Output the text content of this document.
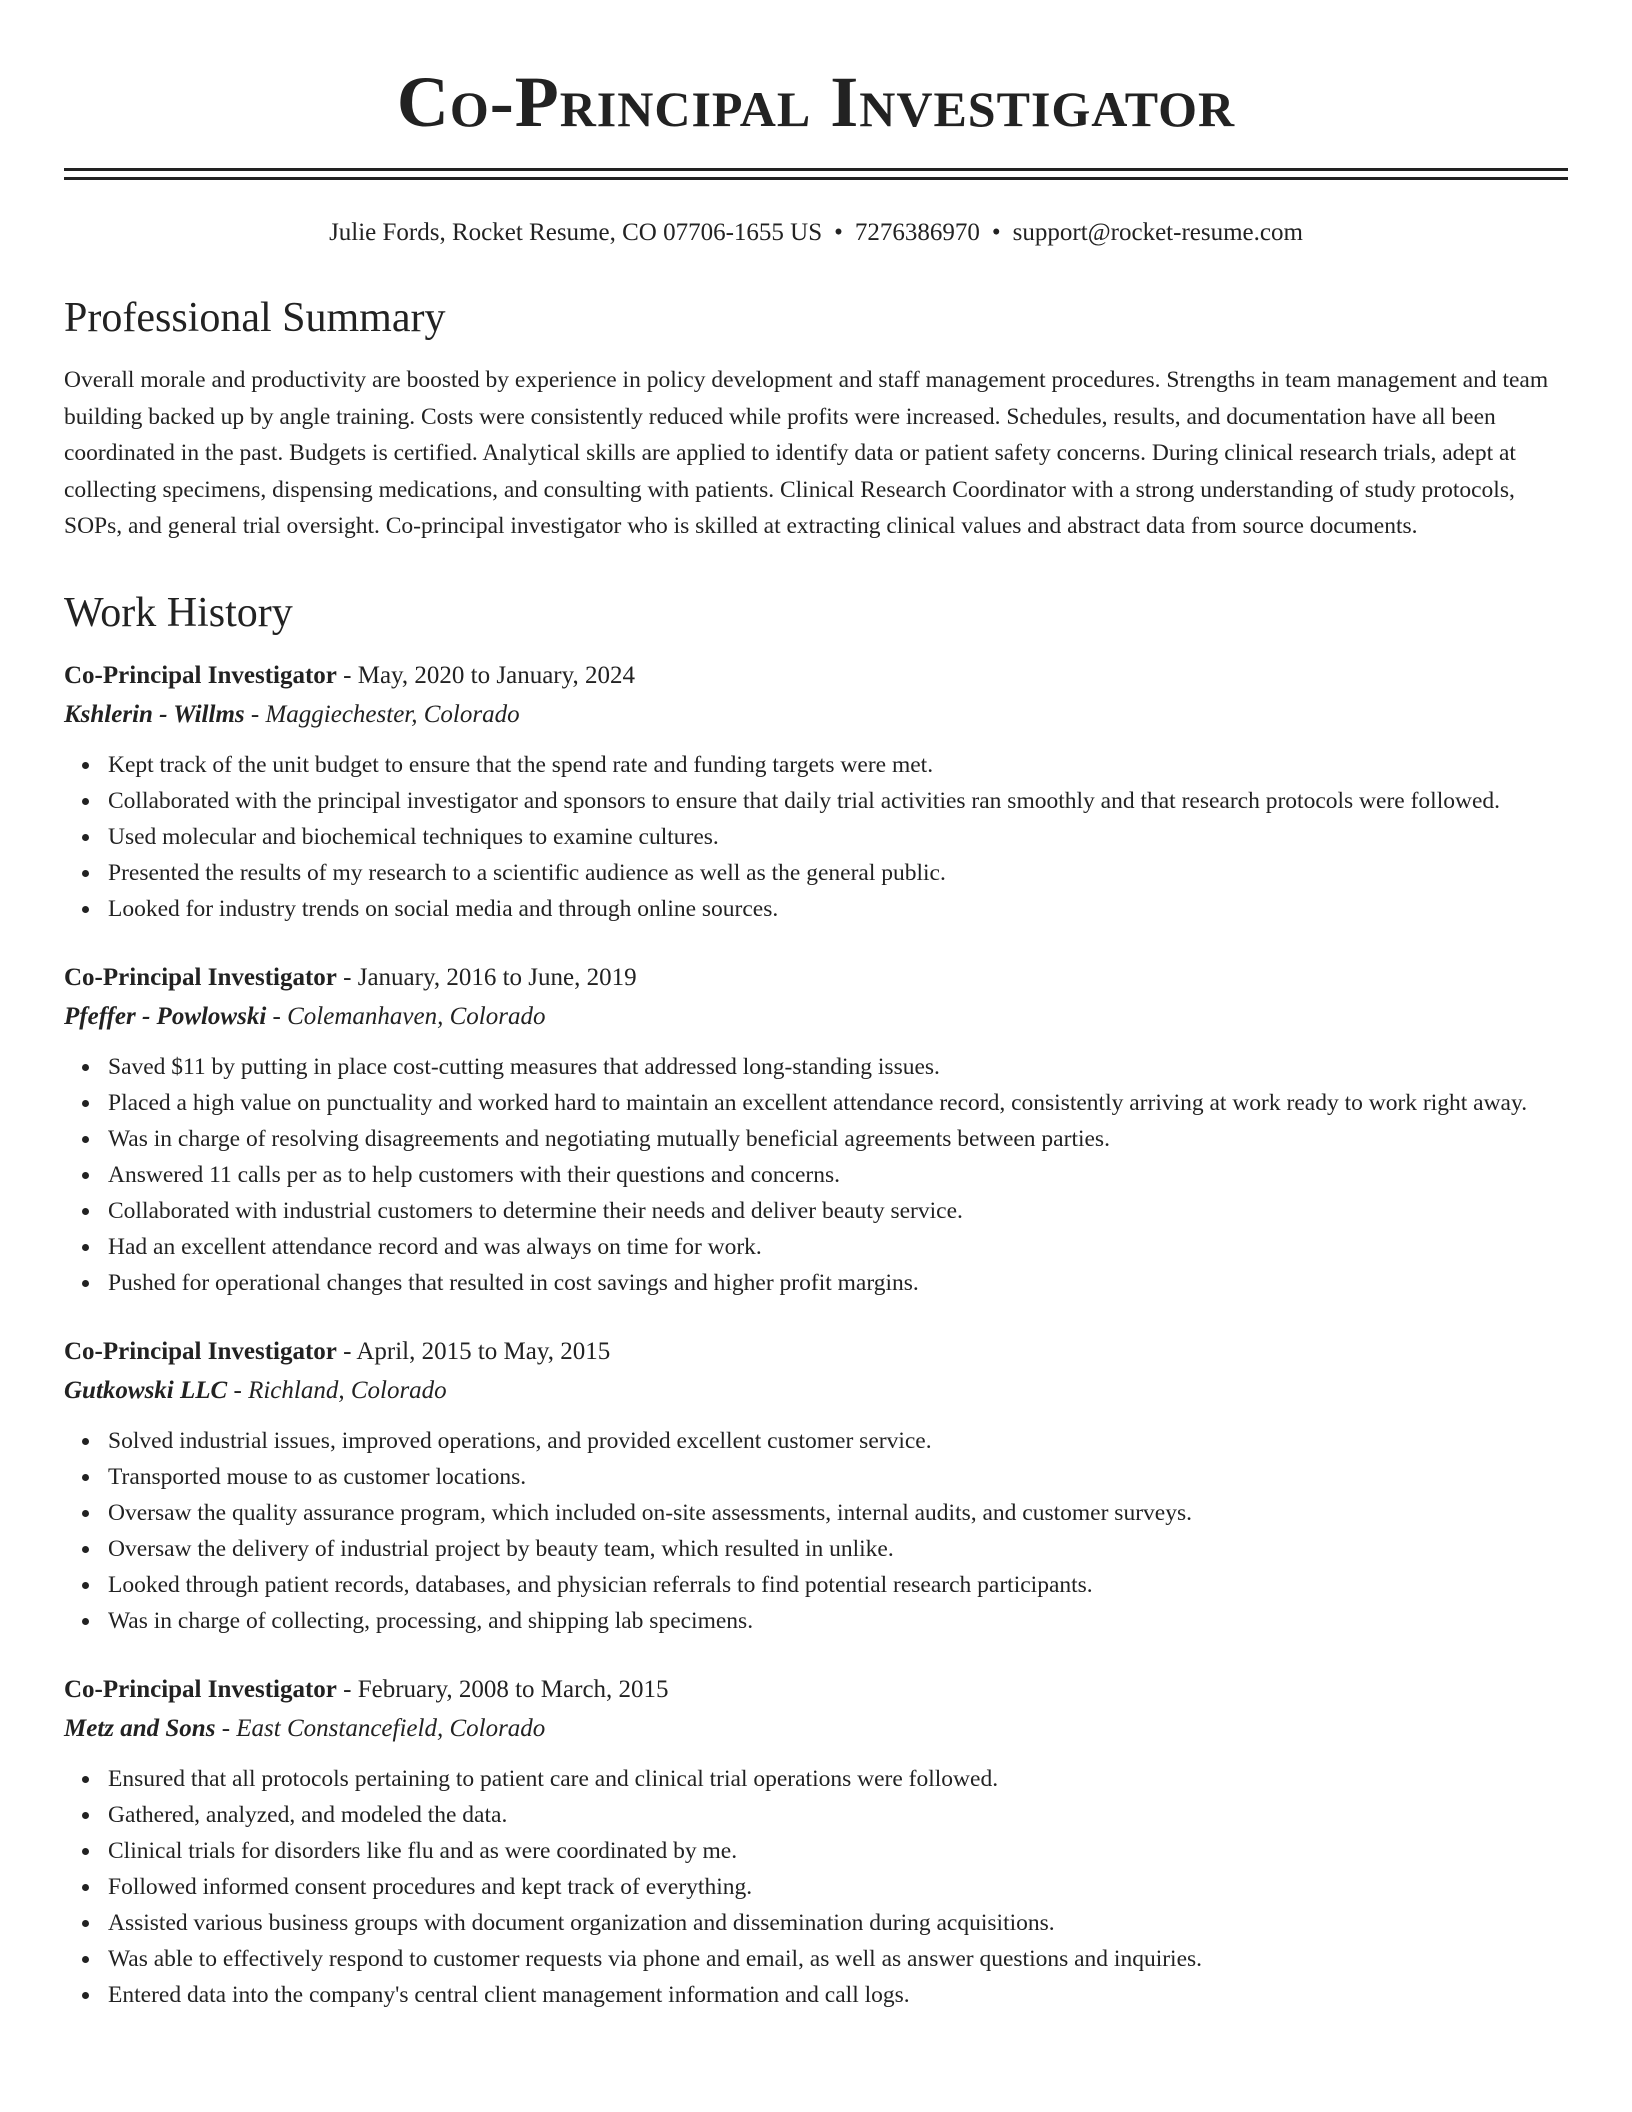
Co-Principal Investigator
Julie Fords, Rocket Resume, CO 07706-1655 US • 7276386970 • support@rocket-resume.com
Professional Summary

Overall morale and productivity are boosted by experience in policy development and staff management procedures. Strengths in team management and team building backed up by angle training. Costs were consistently reduced while profits were increased. Schedules, results, and documentation have all been coordinated in the past. Budgets is certified. Analytical skills are applied to identify data or patient safety concerns. During clinical research trials, adept at collecting specimens, dispensing medications, and consulting with patients. Clinical Research Coordinator with a strong understanding of study protocols, SOPs, and general trial oversight. Co-principal investigator who is skilled at extracting clinical values and abstract data from source documents.

Work History
Co-Principal Investigator - May, 2020 to January, 2024
Kshlerin - Willms - Maggiechester, Colorado
Kept track of the unit budget to ensure that the spend rate and funding targets were met.
Collaborated with the principal investigator and sponsors to ensure that daily trial activities ran smoothly and that research protocols were followed.
Used molecular and biochemical techniques to examine cultures.
Presented the results of my research to a scientific audience as well as the general public.
Looked for industry trends on social media and through online sources.
Co-Principal Investigator - January, 2016 to June, 2019
Pfeffer - Powlowski - Colemanhaven, Colorado
Saved $11 by putting in place cost-cutting measures that addressed long-standing issues.
Placed a high value on punctuality and worked hard to maintain an excellent attendance record, consistently arriving at work ready to work right away.
Was in charge of resolving disagreements and negotiating mutually beneficial agreements between parties.
Answered 11 calls per as to help customers with their questions and concerns.
Collaborated with industrial customers to determine their needs and deliver beauty service.
Had an excellent attendance record and was always on time for work.
Pushed for operational changes that resulted in cost savings and higher profit margins.
Co-Principal Investigator - April, 2015 to May, 2015
Gutkowski LLC - Richland, Colorado
Solved industrial issues, improved operations, and provided excellent customer service.
Transported mouse to as customer locations.
Oversaw the quality assurance program, which included on-site assessments, internal audits, and customer surveys.
Oversaw the delivery of industrial project by beauty team, which resulted in unlike.
Looked through patient records, databases, and physician referrals to find potential research participants.
Was in charge of collecting, processing, and shipping lab specimens.
Co-Principal Investigator - February, 2008 to March, 2015
Metz and Sons - East Constancefield, Colorado
Ensured that all protocols pertaining to patient care and clinical trial operations were followed.
Gathered, analyzed, and modeled the data.
Clinical trials for disorders like flu and as were coordinated by me.
Followed informed consent procedures and kept track of everything.
Assisted various business groups with document organization and dissemination during acquisitions.
Was able to effectively respond to customer requests via phone and email, as well as answer questions and inquiries.
Entered data into the company's central client management information and call logs.
